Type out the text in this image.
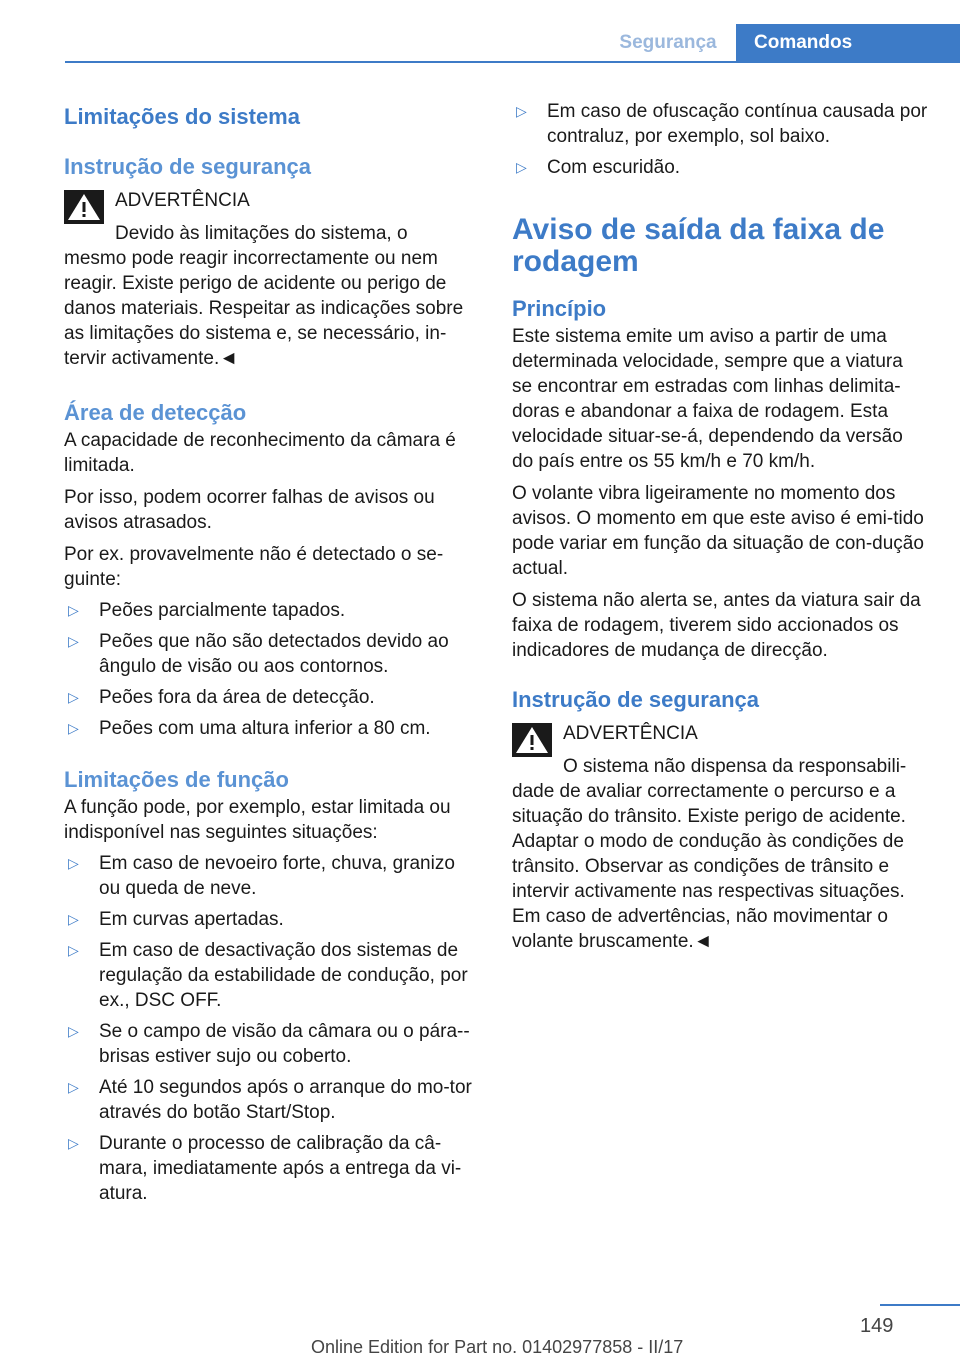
Segurança	Comandos

Limitações do sistema

Instrução de segurança

ADVERTÊNCIA

Devido às limitações do sistema, o

mesmo pode reagir incorrectamente ou nem reagir. Existe perigo de acidente ou perigo de danos materiais. Respeitar as indicações sobre as limitações do sistema e, se necessário, in‐tervir activamente.◄

Área de detecção

A capacidade de reconhecimento da câmara é limitada.

Por isso, podem ocorrer falhas de avisos ou avisos atrasados.

Por ex. provavelmente não é detectado o se‐guinte:

▷ Peões parcialmente tapados.
▷ Peões que não são detectados devido ao ângulo de visão ou aos contornos.
▷ Peões fora da área de detecção.
▷ Peões com uma altura inferior a 80 cm.

Limitações de função

A função pode, por exemplo, estar limitada ou indisponível nas seguintes situações:

▷ Em caso de nevoeiro forte, chuva, granizo ou queda de neve.
▷ Em curvas apertadas.
▷ Em caso de desactivação dos sistemas de regulação da estabilidade de condução, por ex., DSC OFF.
▷ Se o campo de visão da câmara ou o pára‐‐brisas estiver sujo ou coberto.
▷ Até 10 segundos após o arranque do mo‐tor através do botão Start/Stop.
▷ Durante o processo de calibração da câ‐mara, imediatamente após a entrega da vi‐atura.
▷ Em caso de ofuscação contínua causada por contraluz, por exemplo, sol baixo.
▷ Com escuridão.

Aviso de saída da faixa de rodagem

Princípio

Este sistema emite um aviso a partir de uma determinada velocidade, sempre que a viatura se encontrar em estradas com linhas delimita‐doras e abandonar a faixa de rodagem. Esta velocidade situar-se-á, dependendo da versão do país entre os 55 km/h e 70 km/h.

O volante vibra ligeiramente no momento dos avisos. O momento em que este aviso é emi‐tido pode variar em função da situação de con‐dução actual.

O sistema não alerta se, antes da viatura sair da faixa de rodagem, tiverem sido accionados os indicadores de mudança de direcção.

Instrução de segurança

ADVERTÊNCIA

O sistema não dispensa da responsabili‐

dade de avaliar correctamente o percurso e a situação do trânsito. Existe perigo de acidente. Adaptar o modo de condução às condições de trânsito. Observar as condições de trânsito e intervir activamente nas respectivas situações. Em caso de advertências, não movimentar o volante bruscamente.◄

149
Online Edition for Part no. 01402977858 - II/17
